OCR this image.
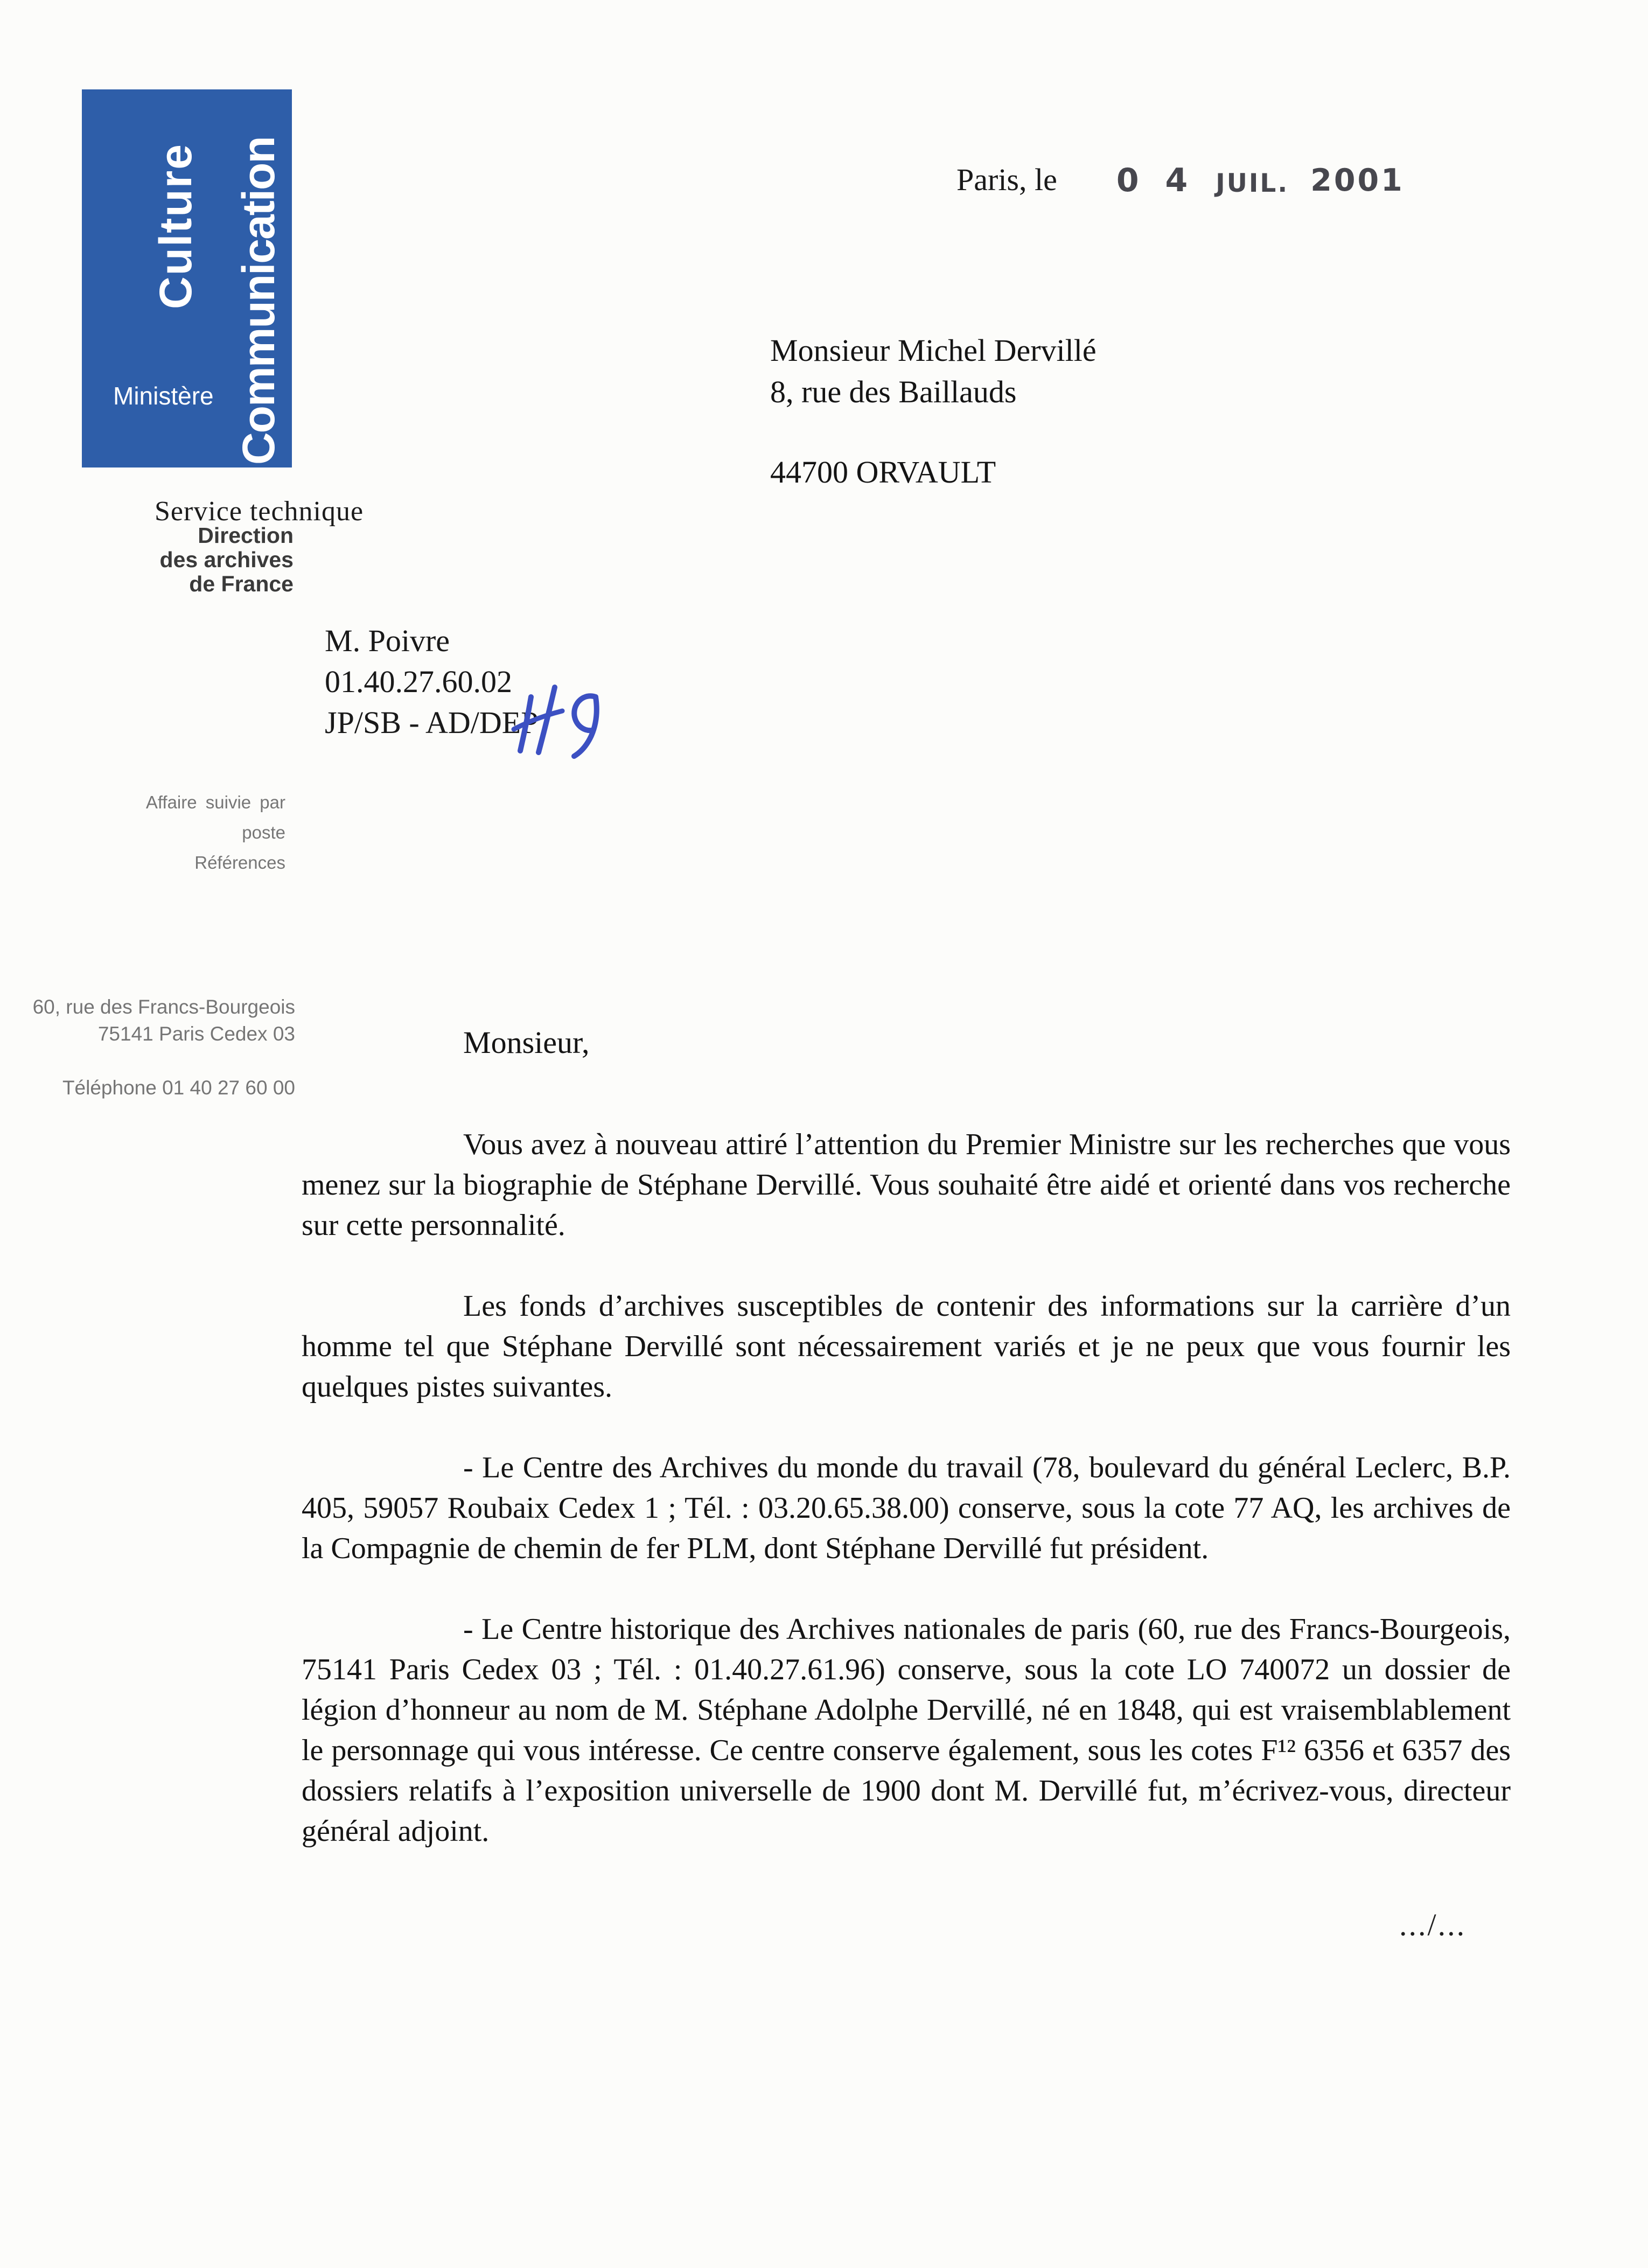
Culture Communication
Ministère
Service technique
Direction
des archives
de France
M. Poivre
01.40.27.60.02
JP/SB - AD/DEP
Affaire suivie par
poste
Références
60, rue des Francs-Bourgeois
75141 Paris Cedex 03
Téléphone 01 40 27 60 00
Paris, le 0 4 JUIL. 2001
Monsieur Michel Dervillé
8, rue des Baillauds
44700 ORVAULT
Monsieur,

Vous avez à nouveau attiré l’attention du Premier Ministre sur les recherches que vous menez sur la biographie de Stéphane Dervillé. Vous souhaité être aidé et orienté dans vos recherche sur cette personnalité.

Les fonds d’archives susceptibles de contenir des informations sur la carrière d’un homme tel que Stéphane Dervillé sont nécessairement variés et je ne peux que vous fournir les quelques pistes suivantes.

- Le Centre des Archives du monde du travail (78, boulevard du général Leclerc, B.P. 405, 59057 Roubaix Cedex 1 ; Tél. : 03.20.65.38.00) conserve, sous la cote 77 AQ, les archives de la Compagnie de chemin de fer PLM, dont Stéphane Dervillé fut président.

- Le Centre historique des Archives nationales de paris (60, rue des Francs-Bourgeois, 75141 Paris Cedex 03 ; Tél. : 01.40.27.61.96) conserve, sous la cote LO 740072 un dossier de légion d’honneur au nom de M. Stéphane Adolphe Dervillé, né en 1848, qui est vraisemblablement le personnage qui vous intéresse. Ce centre conserve également, sous les cotes F¹² 6356 et 6357 des dossiers relatifs à l’exposition universelle de 1900 dont M. Dervillé fut, m’écrivez-vous, directeur général adjoint.

.../...
